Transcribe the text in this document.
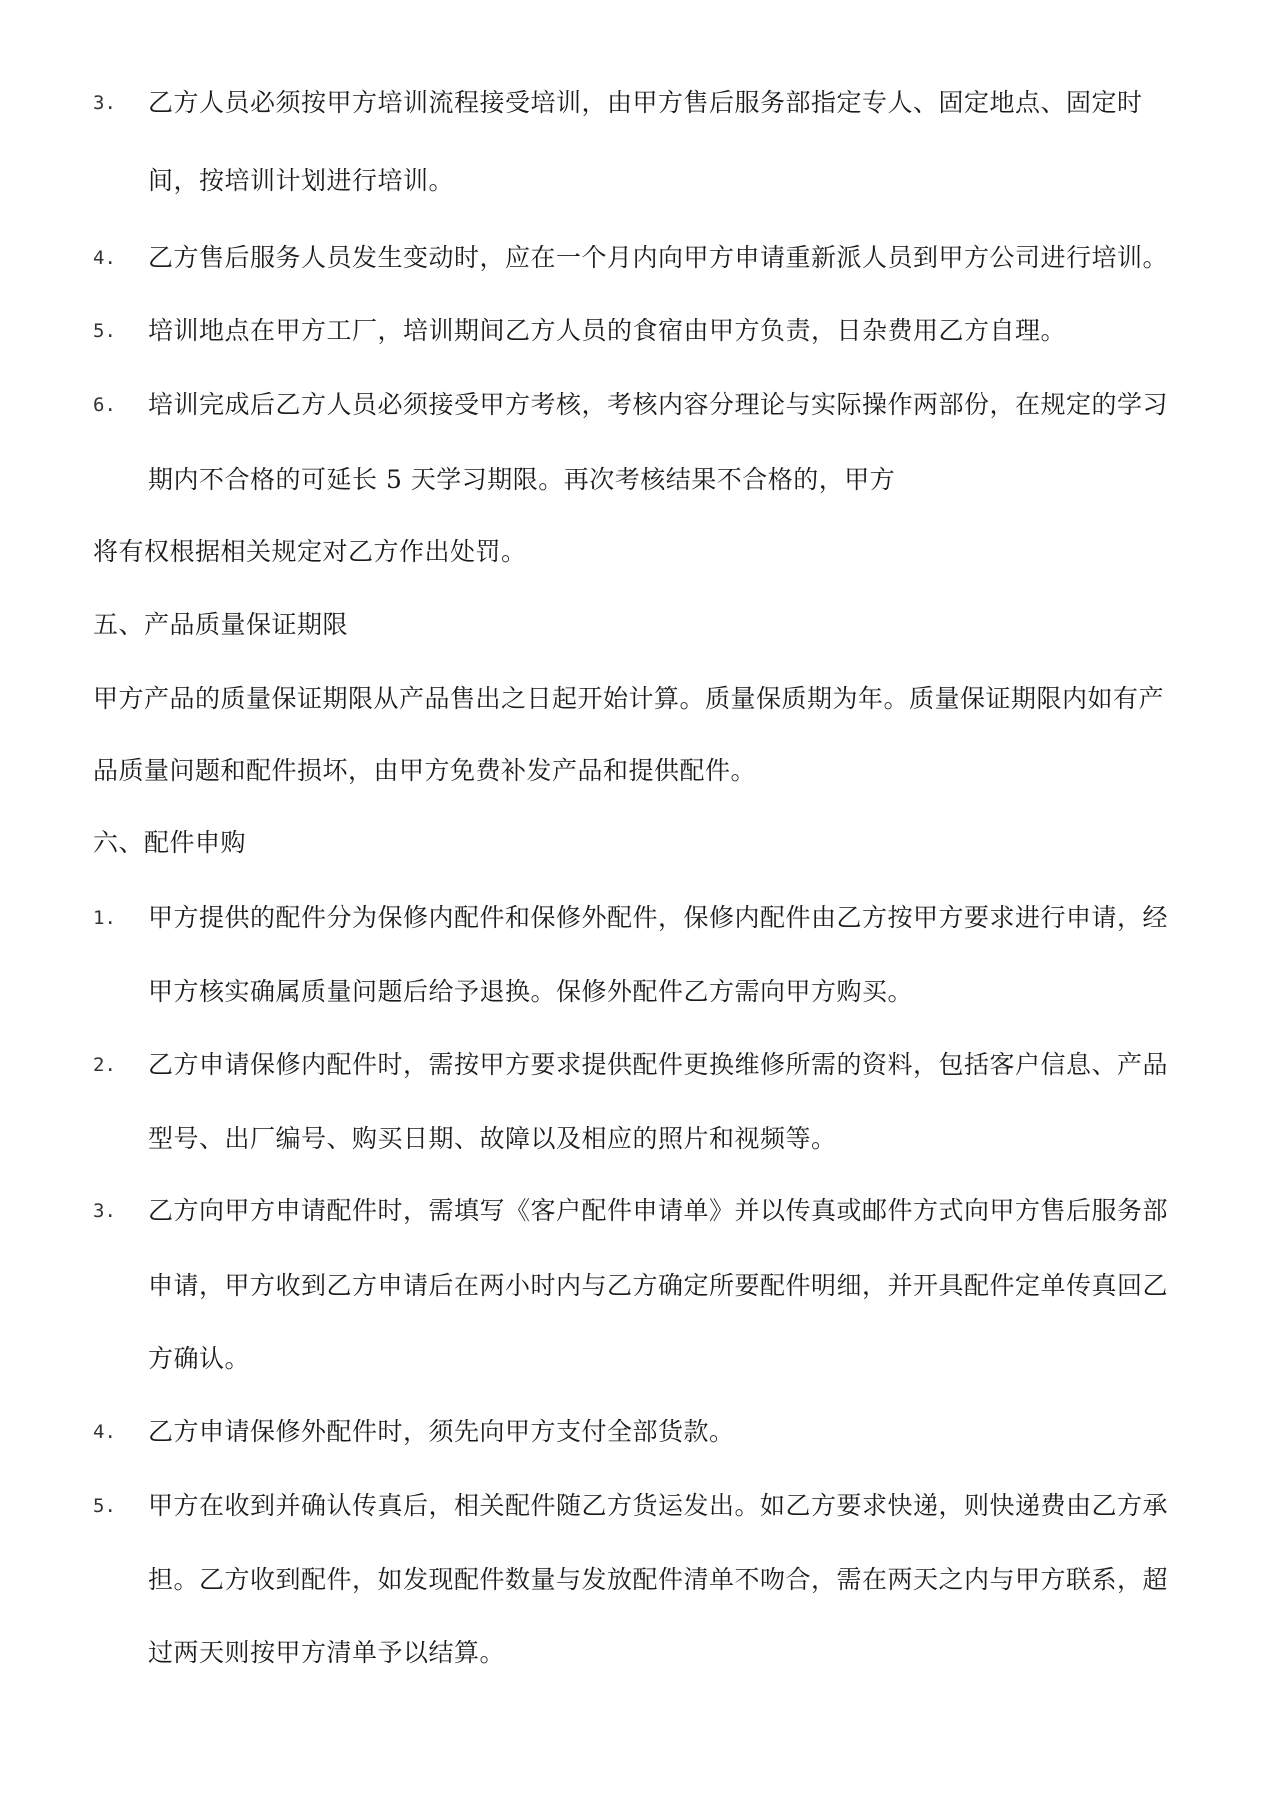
3. 乙方人员必须按甲方培训流程接受培训，由甲方售后服务部指定专人、固定地点、固定时
间，按培训计划进行培训。
4. 乙方售后服务人员发生变动时，应在一个月内向甲方申请重新派人员到甲方公司进行培训。
5. 培训地点在甲方工厂，培训期间乙方人员的食宿由甲方负责，日杂费用乙方自理。
6. 培训完成后乙方人员必须接受甲方考核，考核内容分理论与实际操作两部份，在规定的学习
期内不合格的可延长 5 天学习期限。再次考核结果不合格的，甲方
将有权根据相关规定对乙方作出处罚。
五、产品质量保证期限
甲方产品的质量保证期限从产品售出之日起开始计算。质量保质期为年。质量保证期限内如有产
品质量问题和配件损坏，由甲方免费补发产品和提供配件。
六、配件申购
1. 甲方提供的配件分为保修内配件和保修外配件，保修内配件由乙方按甲方要求进行申请，经
甲方核实确属质量问题后给予退换。保修外配件乙方需向甲方购买。
2. 乙方申请保修内配件时，需按甲方要求提供配件更换维修所需的资料，包括客户信息、产品
型号、出厂编号、购买日期、故障以及相应的照片和视频等。
3. 乙方向甲方申请配件时，需填写《客户配件申请单》并以传真或邮件方式向甲方售后服务部
申请，甲方收到乙方申请后在两小时内与乙方确定所要配件明细，并开具配件定单传真回乙
方确认。
4. 乙方申请保修外配件时，须先向甲方支付全部货款。
5. 甲方在收到并确认传真后，相关配件随乙方货运发出。如乙方要求快递，则快递费由乙方承
担。乙方收到配件，如发现配件数量与发放配件清单不吻合，需在两天之内与甲方联系，超
过两天则按甲方清单予以结算。
